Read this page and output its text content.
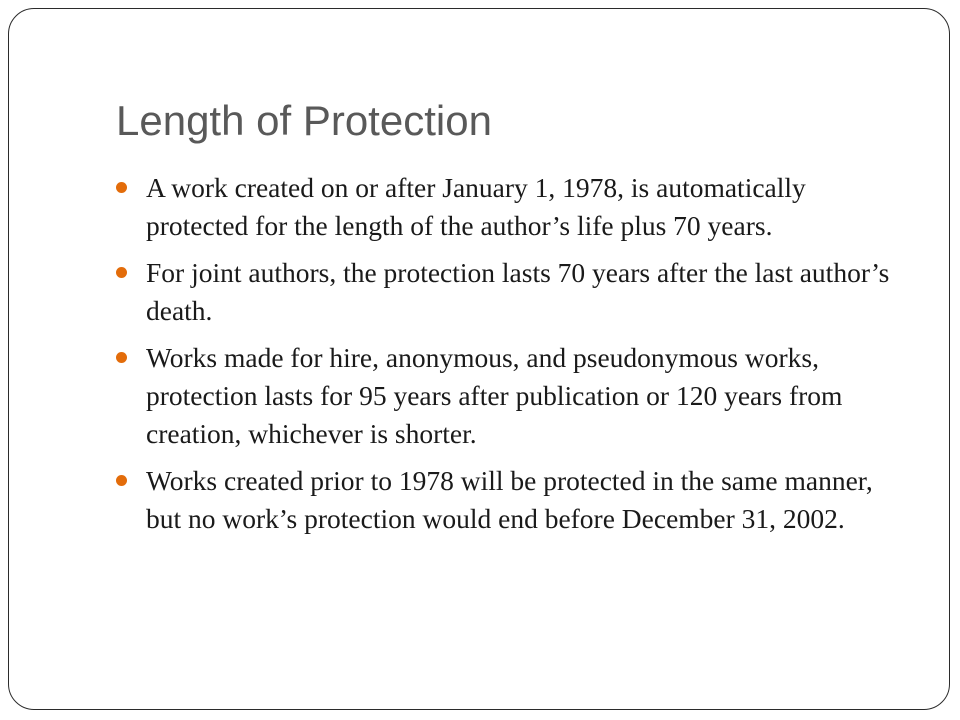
Length of Protection
A work created on or after January 1, 1978, is automatically protected for the length of the author’s life plus 70 years.
For joint authors, the protection lasts 70 years after the last author’s death.
Works made for hire, anonymous, and pseudonymous works, protection lasts for 95 years after publication or 120 years from creation, whichever is shorter.
Works created prior to 1978 will be protected in the same manner, but no work’s protection would end before December 31, 2002.
